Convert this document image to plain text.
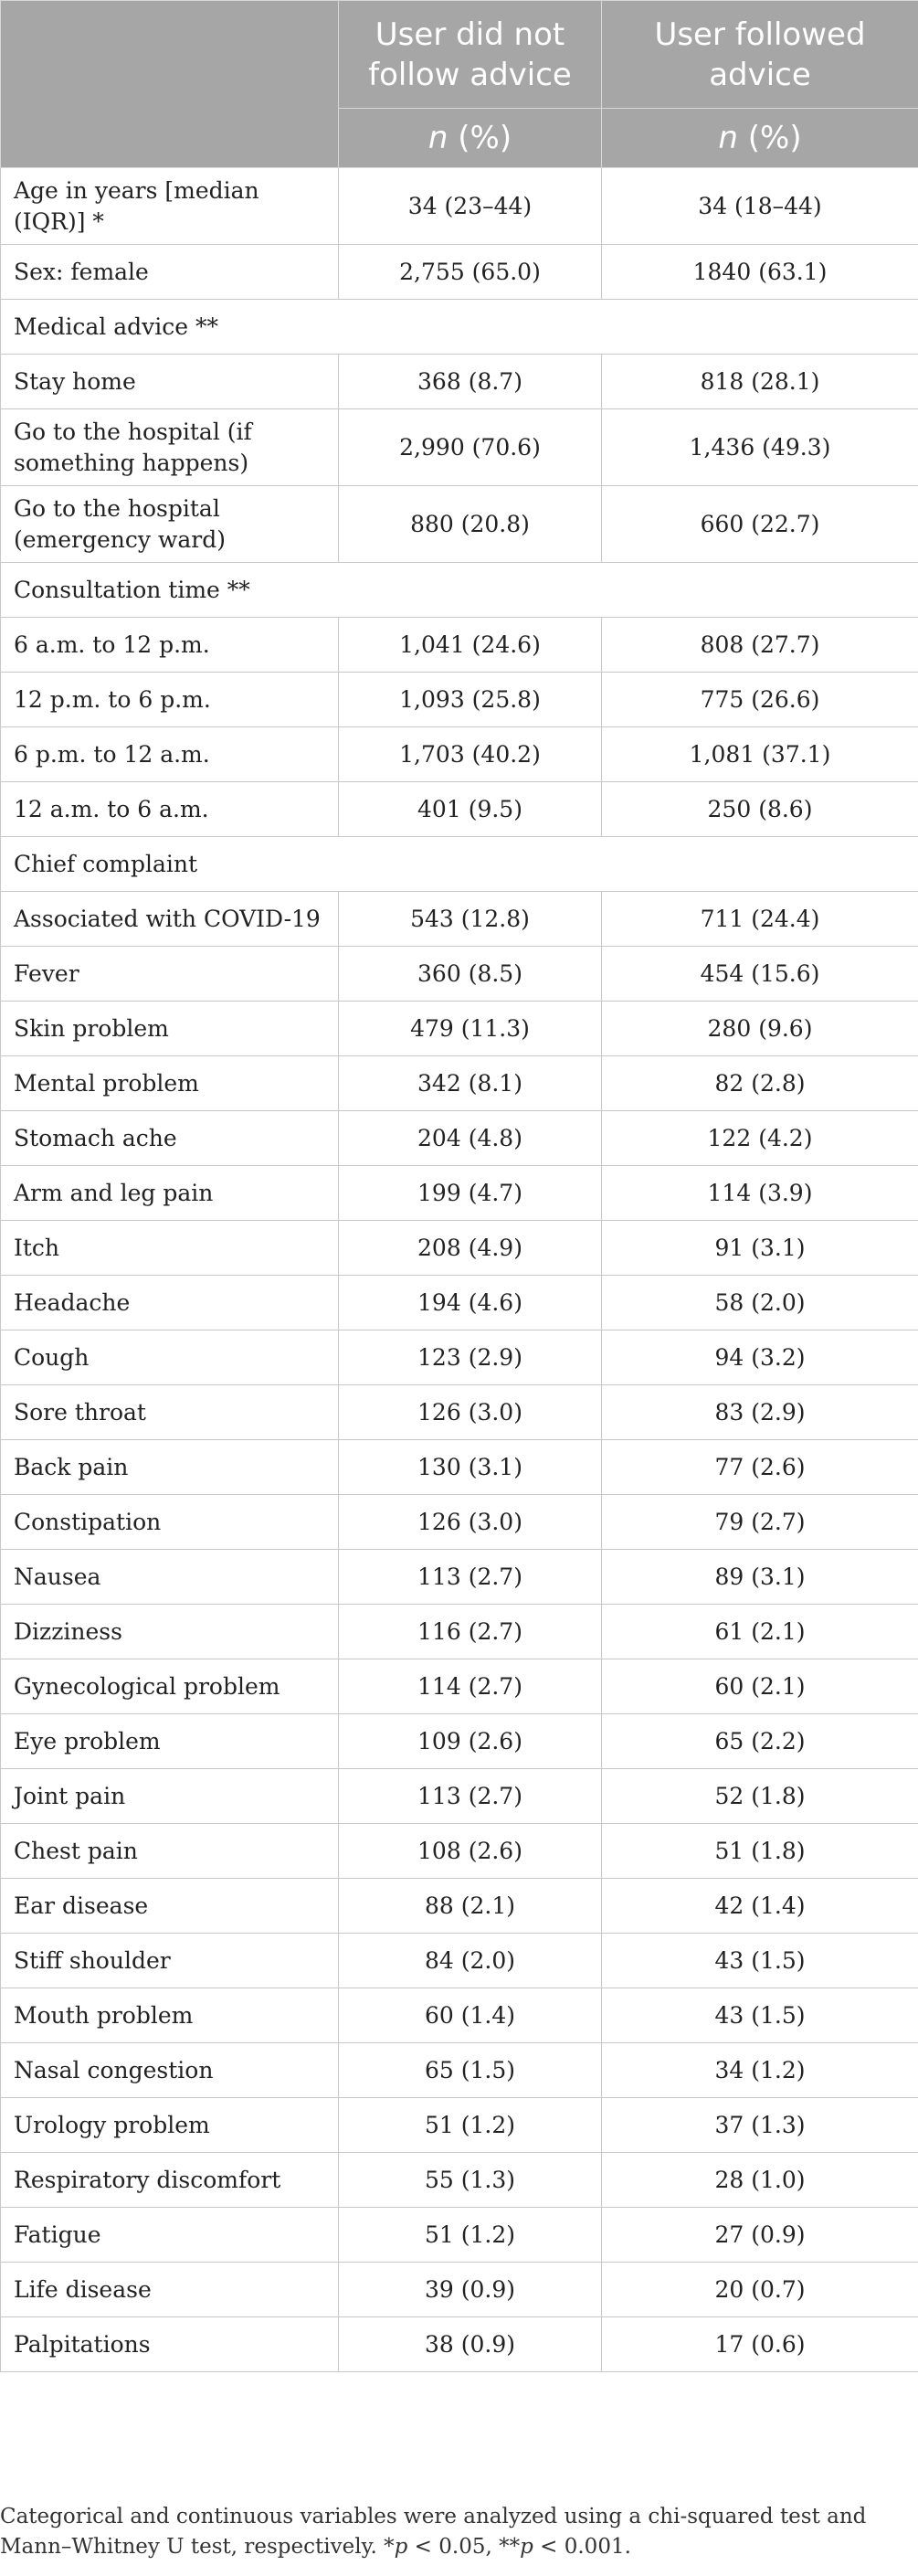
	User did not follow advice	User followed advice
	n (%)	n (%)
Age in years [median (IQR)] *	34 (23–44)	34 (18–44)
Sex: female	2,755 (65.0)	1840 (63.1)
Medical advice **		
Stay home	368 (8.7)	818 (28.1)
Go to the hospital (if something happens)	2,990 (70.6)	1,436 (49.3)
Go to the hospital (emergency ward)	880 (20.8)	660 (22.7)
Consultation time **		
6 a.m. to 12 p.m.	1,041 (24.6)	808 (27.7)
12 p.m. to 6 p.m.	1,093 (25.8)	775 (26.6)
6 p.m. to 12 a.m.	1,703 (40.2)	1,081 (37.1)
12 a.m. to 6 a.m.	401 (9.5)	250 (8.6)
Chief complaint		
Associated with COVID-19	543 (12.8)	711 (24.4)
Fever	360 (8.5)	454 (15.6)
Skin problem	479 (11.3)	280 (9.6)
Mental problem	342 (8.1)	82 (2.8)
Stomach ache	204 (4.8)	122 (4.2)
Arm and leg pain	199 (4.7)	114 (3.9)
Itch	208 (4.9)	91 (3.1)
Headache	194 (4.6)	58 (2.0)
Cough	123 (2.9)	94 (3.2)
Sore throat	126 (3.0)	83 (2.9)
Back pain	130 (3.1)	77 (2.6)
Constipation	126 (3.0)	79 (2.7)
Nausea	113 (2.7)	89 (3.1)
Dizziness	116 (2.7)	61 (2.1)
Gynecological problem	114 (2.7)	60 (2.1)
Eye problem	109 (2.6)	65 (2.2)
Joint pain	113 (2.7)	52 (1.8)
Chest pain	108 (2.6)	51 (1.8)
Ear disease	88 (2.1)	42 (1.4)
Stiff shoulder	84 (2.0)	43 (1.5)
Mouth problem	60 (1.4)	43 (1.5)
Nasal congestion	65 (1.5)	34 (1.2)
Urology problem	51 (1.2)	37 (1.3)
Respiratory discomfort	55 (1.3)	28 (1.0)
Fatigue	51 (1.2)	27 (0.9)
Life disease	39 (0.9)	20 (0.7)
Palpitations	38 (0.9)	17 (0.6)
Categorical and continuous variables were analyzed using a chi-squared test and Mann–Whitney U test, respectively. *p < 0.05, **p < 0.001.
